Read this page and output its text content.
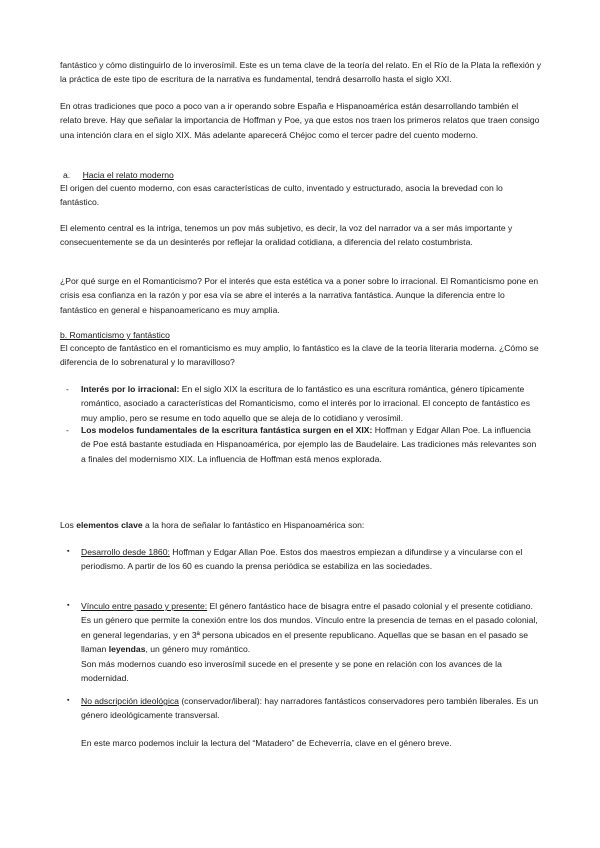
fantástico y cómo distinguirlo de lo inverosímil. Este es un tema clave de la teoría del relato. En el Río de la Plata la reflexión y la práctica de este tipo de escritura de la narrativa es fundamental, tendrá desarrollo hasta el siglo XXI.

En otras tradiciones que poco a poco van a ir operando sobre España e Hispanoamérica están desarrollando también el relato breve. Hay que señalar la importancia de Hoffman y Poe, ya que estos nos traen los primeros relatos que traen consigo una intención clara en el siglo XIX. Más adelante aparecerá Chéjoc como el tercer padre del cuento moderno.

a. Hacia el relato moderno

El origen del cuento moderno, con esas características de culto, inventado y estructurado, asocia la brevedad con lo fantástico.

El elemento central es la intriga, tenemos un pov más subjetivo, es decir, la voz del narrador va a ser más importante y consecuentemente se da un desinterés por reflejar la oralidad cotidiana, a diferencia del relato costumbrista.

¿Por qué surge en el Romanticismo? Por el interés que esta estética va a poner sobre lo irracional. El Romanticismo pone en crisis esa confianza en la razón y por esa vía se abre el interés a la narrativa fantástica. Aunque la diferencia entre lo fantástico en general e hispanoamericano es muy amplia.

b. Romanticismo y fantástico

El concepto de fantástico en el romanticismo es muy amplio, lo fantástico es la clave de la teoría literaria moderna. ¿Cómo se diferencia de lo sobrenatural y lo maravilloso?

- Interés por lo irracional: En el siglo XIX la escritura de lo fantástico es una escritura romántica, género típicamente romántico, asociado a características del Romanticismo, como el interés por lo irracional. El concepto de fantástico es muy amplio, pero se resume en todo aquello que se aleja de lo cotidiano y verosímil.
- Los modelos fundamentales de la escritura fantástica surgen en el XIX: Hoffman y Edgar Allan Poe. La influencia de Poe está bastante estudiada en Hispanoamérica, por ejemplo las de Baudelaire. Las tradiciones más relevantes son a finales del modernismo XIX. La influencia de Hoffman está menos explorada.

Los elementos clave a la hora de señalar lo fantástico en Hispanoamérica son:

▪ Desarrollo desde 1860: Hoffman y Edgar Allan Poe. Estos dos maestros empiezan a difundirse y a vincularse con el periodismo. A partir de los 60 es cuando la prensa periódica se estabiliza en las sociedades.
▪ Vínculo entre pasado y presente: El género fantástico hace de bisagra entre el pasado colonial y el presente cotidiano. Es un género que permite la conexión entre los dos mundos. Vínculo entre la presencia de temas en el pasado colonial, en general legendarias, y en 3ª persona ubicados en el presente republicano. Aquellas que se basan en el pasado se llaman leyendas, un género muy romántico.
Son más modernos cuando eso inverosímil sucede en el presente y se pone en relación con los avances de la modernidad.
▪ No adscripción ideológica (conservador/liberal): hay narradores fantásticos conservadores pero también liberales. Es un género ideológicamente transversal.

En este marco podemos incluir la lectura del “Matadero” de Echeverría, clave en el género breve.
